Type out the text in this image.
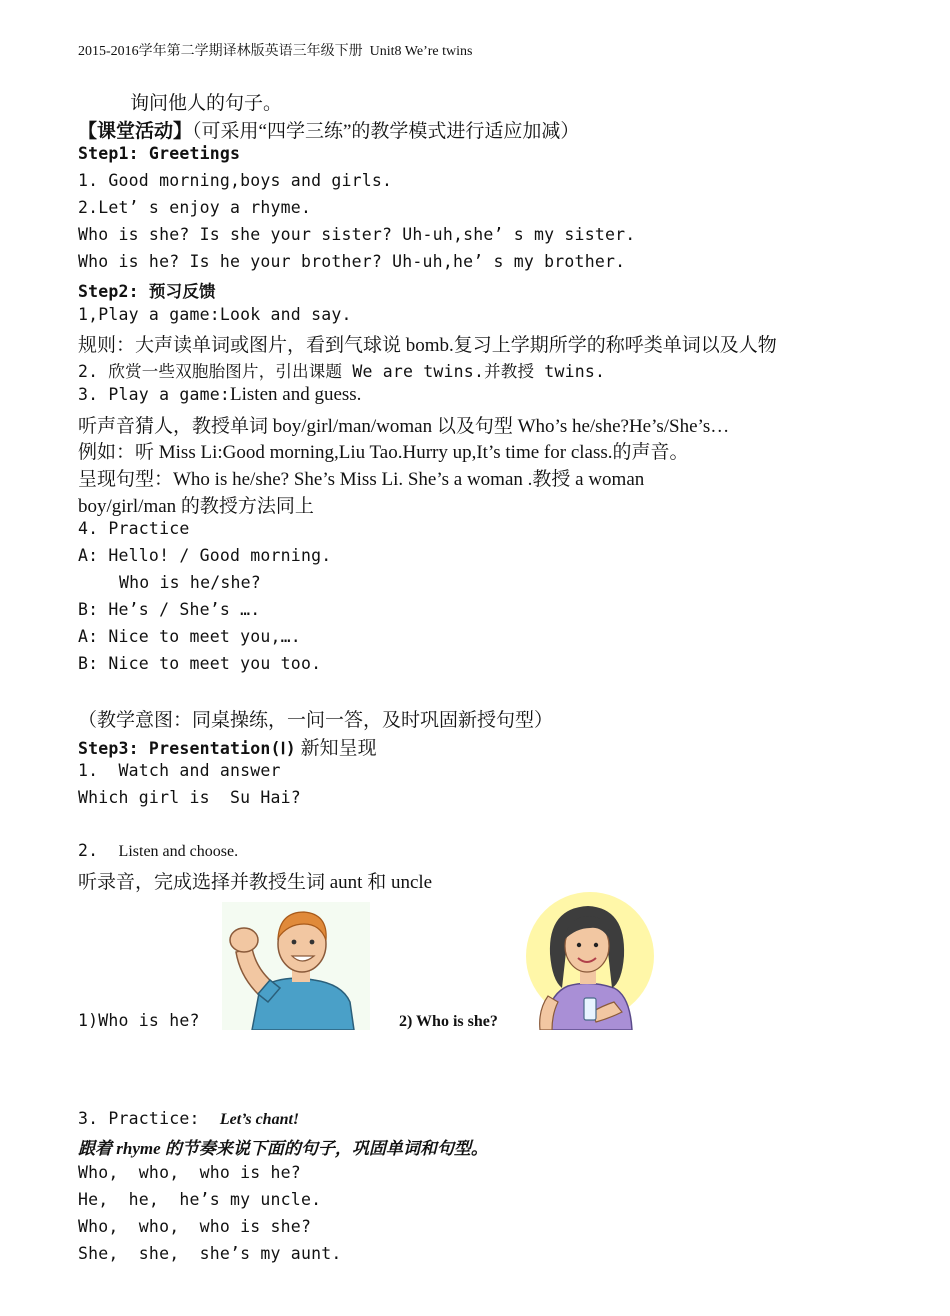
2015-2016学年第二学期译林版英语三年级下册  Unit8 We’re twins
询问他人的句子。
【课堂活动】（可采用“四学三练”的教学模式进行适应加减）
Step1: Greetings
1. Good morning,boys and girls.
2.Let’ s enjoy a rhyme.
Who is she? Is she your sister? Uh-uh,she’ s my sister.
Who is he? Is he your brother? Uh-uh,he’ s my brother.
Step2: 预习反馈
1,Play a game:Look and say.
规则：大声读单词或图片，看到气球说 bomb.复习上学期所学的称呼类单词以及人物
2. 欣赏一些双胞胎图片，引出课题 We are twins.并教授 twins.
3. Play a game:Listen and guess.
听声音猜人，教授单词 boy/girl/man/woman 以及句型 Who’s he/she?He’s/She’s…
例如：听 Miss Li:Good morning,Liu Tao.Hurry up,It’s time for class.的声音。
呈现句型：Who is he/she? She’s Miss Li. She’s a woman .教授 a woman
boy/girl/man 的教授方法同上
4. Practice
A: Hello! / Good morning.
Who is he/she?
B: He’s / She’s ….
A: Nice to meet you,….
B: Nice to meet you too.
（教学意图：同桌操练，一问一答，及时巩固新授句型）
Step3: Presentation(Ⅰ) 新知呈现
1.  Watch and answer
Which girl is  Su Hai?
2.  Listen and choose.
听录音，完成选择并教授生词 aunt 和 uncle
1)Who is he?	2) Who is she?
3. Practice:  Let’s chant!
跟着 rhyme 的节奏来说下面的句子，巩固单词和句型。
Who,  who,  who is he?
He,  he,  he’s my uncle.
Who,  who,  who is she?
She,  she,  she’s my aunt.
